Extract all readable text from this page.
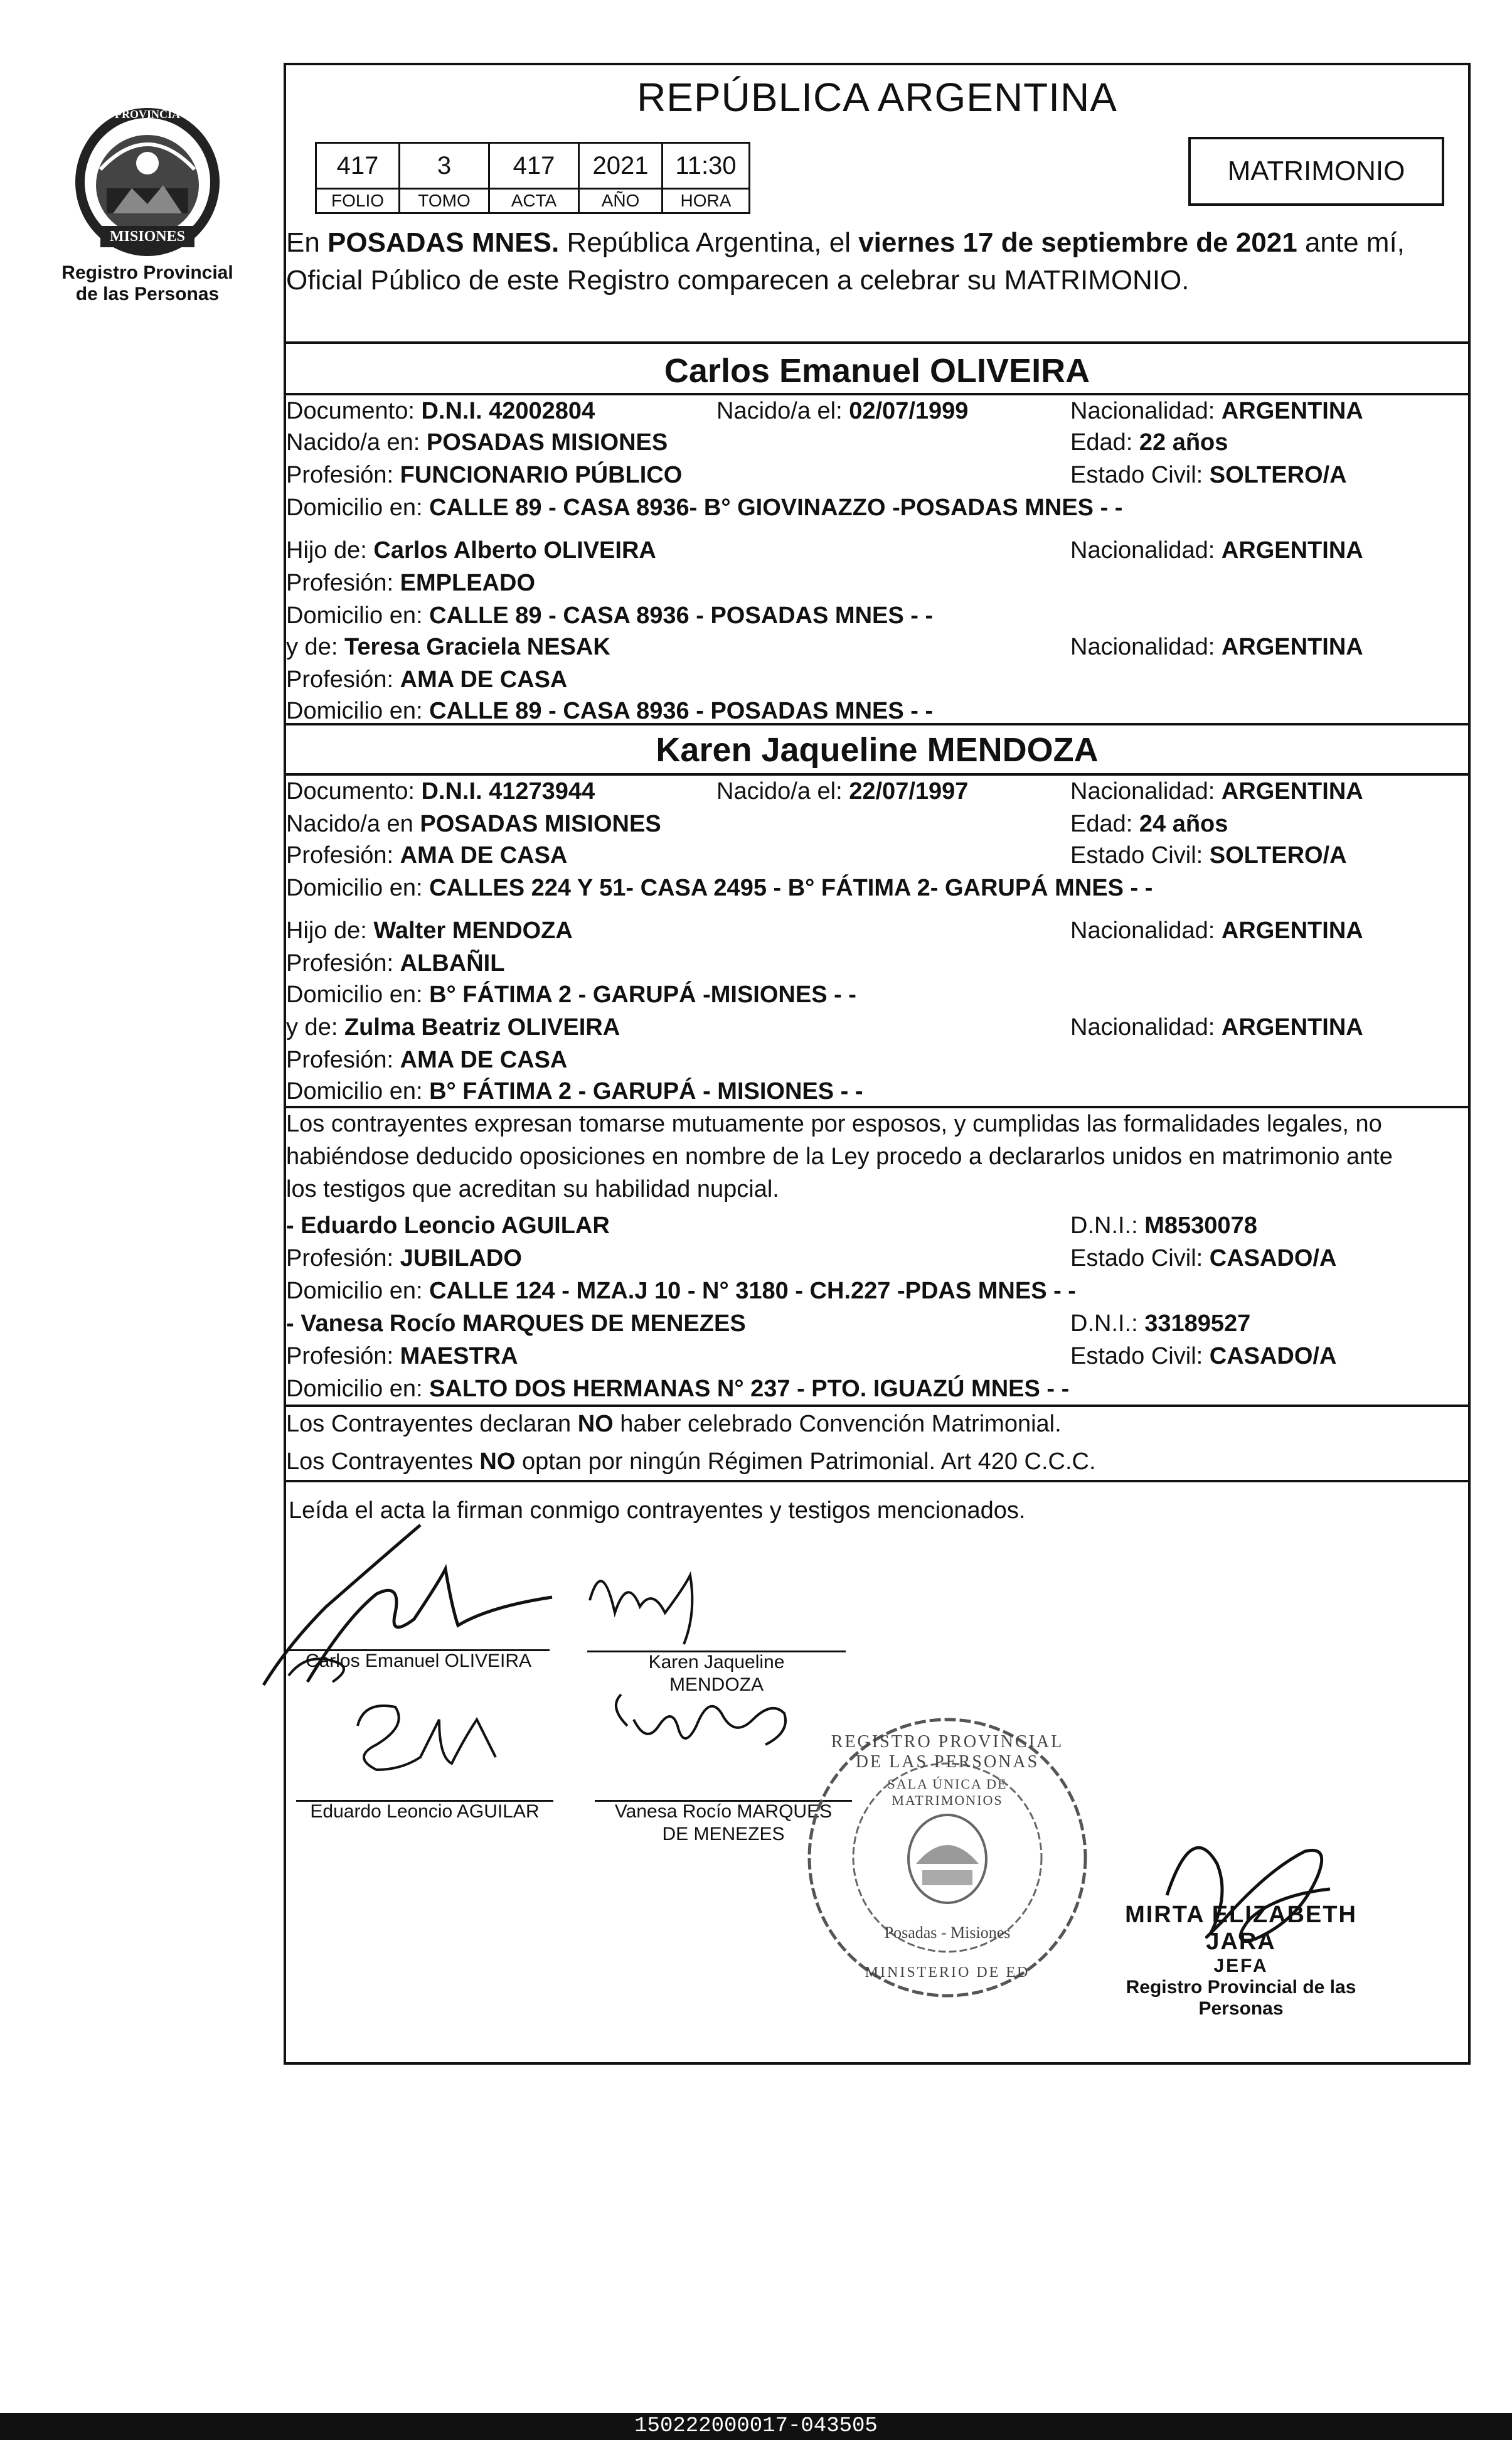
PROVINCIA DE
MISIONES
Registro Provincial
de las Personas
REPÚBLICA ARGENTINA
417	3	417	2021	11:30
FOLIO	TOMO	ACTA	AÑO	HORA
MATRIMONIO
En POSADAS MNES. República Argentina, el viernes 17 de septiembre de 2021 ante mí,
Oficial Público de este Registro comparecen a celebrar su MATRIMONIO.
Carlos Emanuel OLIVEIRA
Documento: D.N.I. 42002804	Nacido/a el: 02/07/1999	Nacionalidad: ARGENTINA
Nacido/a en: POSADAS MISIONES	Edad: 22 años
Profesión: FUNCIONARIO PÚBLICO	Estado Civil: SOLTERO/A
Domicilio en: CALLE 89 - CASA 8936- B° GIOVINAZZO -POSADAS MNES - -
Hijo de: Carlos Alberto OLIVEIRA	Nacionalidad: ARGENTINA
Profesión: EMPLEADO
Domicilio en: CALLE 89 - CASA 8936 - POSADAS MNES - -
y de: Teresa Graciela NESAK	Nacionalidad: ARGENTINA
Profesión: AMA DE CASA
Domicilio en: CALLE 89 - CASA 8936 - POSADAS MNES - -
Karen Jaqueline MENDOZA
Documento: D.N.I. 41273944	Nacido/a el: 22/07/1997	Nacionalidad: ARGENTINA
Nacido/a en POSADAS MISIONES	Edad: 24 años
Profesión: AMA DE CASA	Estado Civil: SOLTERO/A
Domicilio en: CALLES 224 Y 51- CASA 2495 - B° FÁTIMA 2- GARUPÁ MNES - -
Hijo de: Walter MENDOZA	Nacionalidad: ARGENTINA
Profesión: ALBAÑIL
Domicilio en: B° FÁTIMA 2 - GARUPÁ -MISIONES - -
y de: Zulma Beatriz OLIVEIRA	Nacionalidad: ARGENTINA
Profesión: AMA DE CASA
Domicilio en: B° FÁTIMA 2 - GARUPÁ - MISIONES - -
Los contrayentes expresan tomarse mutuamente por esposos, y cumplidas las formalidades legales, no
habiéndose deducido oposiciones en nombre de la Ley procedo a declararlos unidos en matrimonio ante
los testigos que acreditan su habilidad nupcial.
- Eduardo Leoncio AGUILAR	D.N.I.: M8530078
Profesión: JUBILADO	Estado Civil: CASADO/A
Domicilio en: CALLE 124 - MZA.J 10 - N° 3180 - CH.227 -PDAS MNES - -
- Vanesa Rocío MARQUES DE MENEZES	D.N.I.: 33189527
Profesión: MAESTRA	Estado Civil: CASADO/A
Domicilio en: SALTO DOS HERMANAS N° 237 - PTO. IGUAZÚ MNES - -
Los Contrayentes declaran NO haber celebrado Convención Matrimonial.
Los Contrayentes NO optan por ningún Régimen Patrimonial. Art 420 C.C.C.
Leída el acta la firman conmigo contrayentes y testigos mencionados.
Carlos Emanuel OLIVEIRA	Karen Jaqueline
MENDOZA
Eduardo Leoncio AGUILAR	Vanesa Rocío MARQUES
DE MENEZES
REGISTRO PROVINCIAL DE LAS PERSONAS
SALA ÚNICA DE MATRIMONIOS
Posadas - Misiones
MINISTERIO DE ED
MIRTA ELIZABETH JARA
JEFA
Registro Provincial de las Personas
150222000017-043505
